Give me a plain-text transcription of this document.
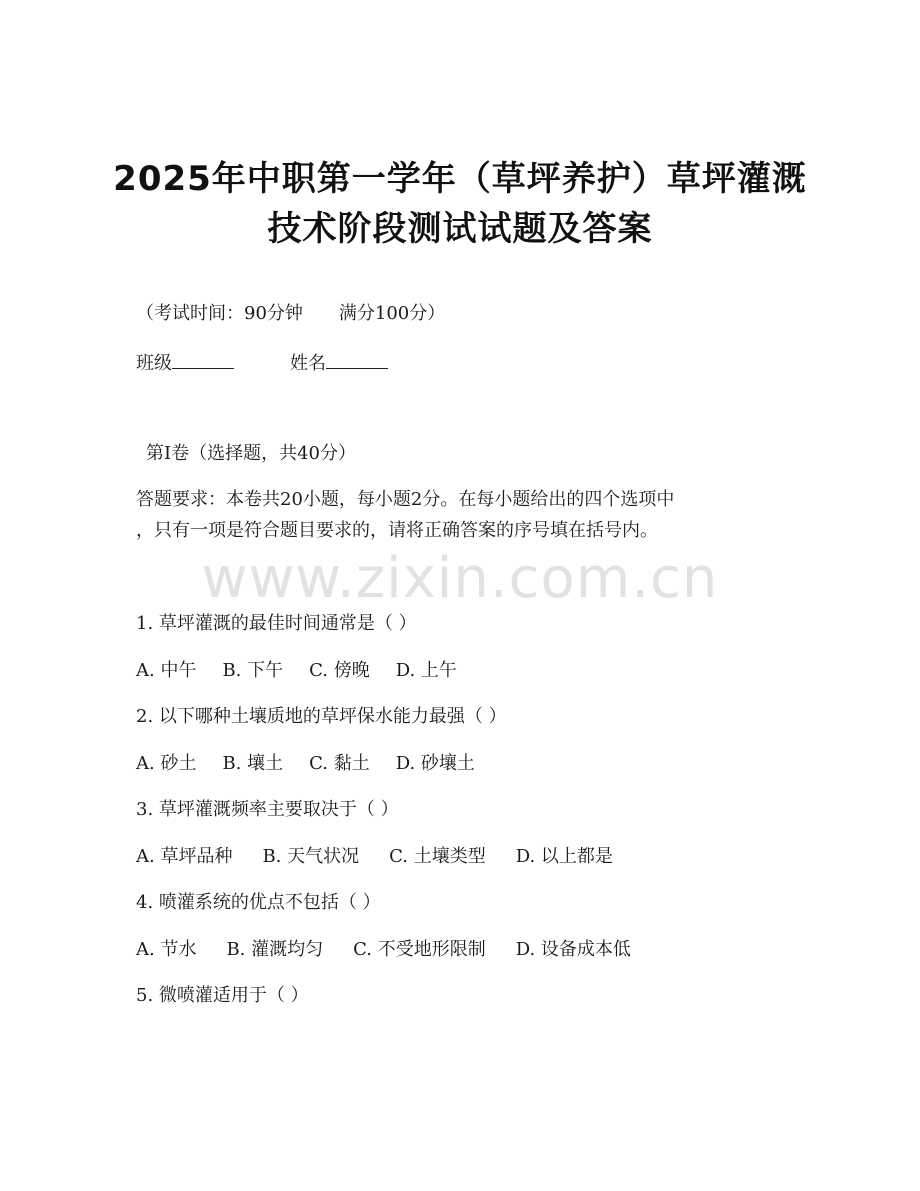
2025年中职第一学年（草坪养护）草坪灌溉
技术阶段测试试题及答案
（考试时间：90分钟　　满分100分）
班级	姓名
第Ⅰ卷（选择题，共40分）
答题要求：本卷共20小题，每小题2分。在每小题给出的四个选项中
，只有一项是符合题目要求的，请将正确答案的序号填在括号内。
www.zixin.com.cn
1. 草坪灌溉的最佳时间通常是（ ）
A. 中午 B. 下午 C. 傍晚 D. 上午
2. 以下哪种土壤质地的草坪保水能力最强（ ）
A. 砂土 B. 壤土 C. 黏土 D. 砂壤土
3. 草坪灌溉频率主要取决于（ ）
A. 草坪品种 B. 天气状况 C. 土壤类型 D. 以上都是
4. 喷灌系统的优点不包括（ ）
A. 节水 B. 灌溉均匀 C. 不受地形限制 D. 设备成本低
5. 微喷灌适用于（ ）
